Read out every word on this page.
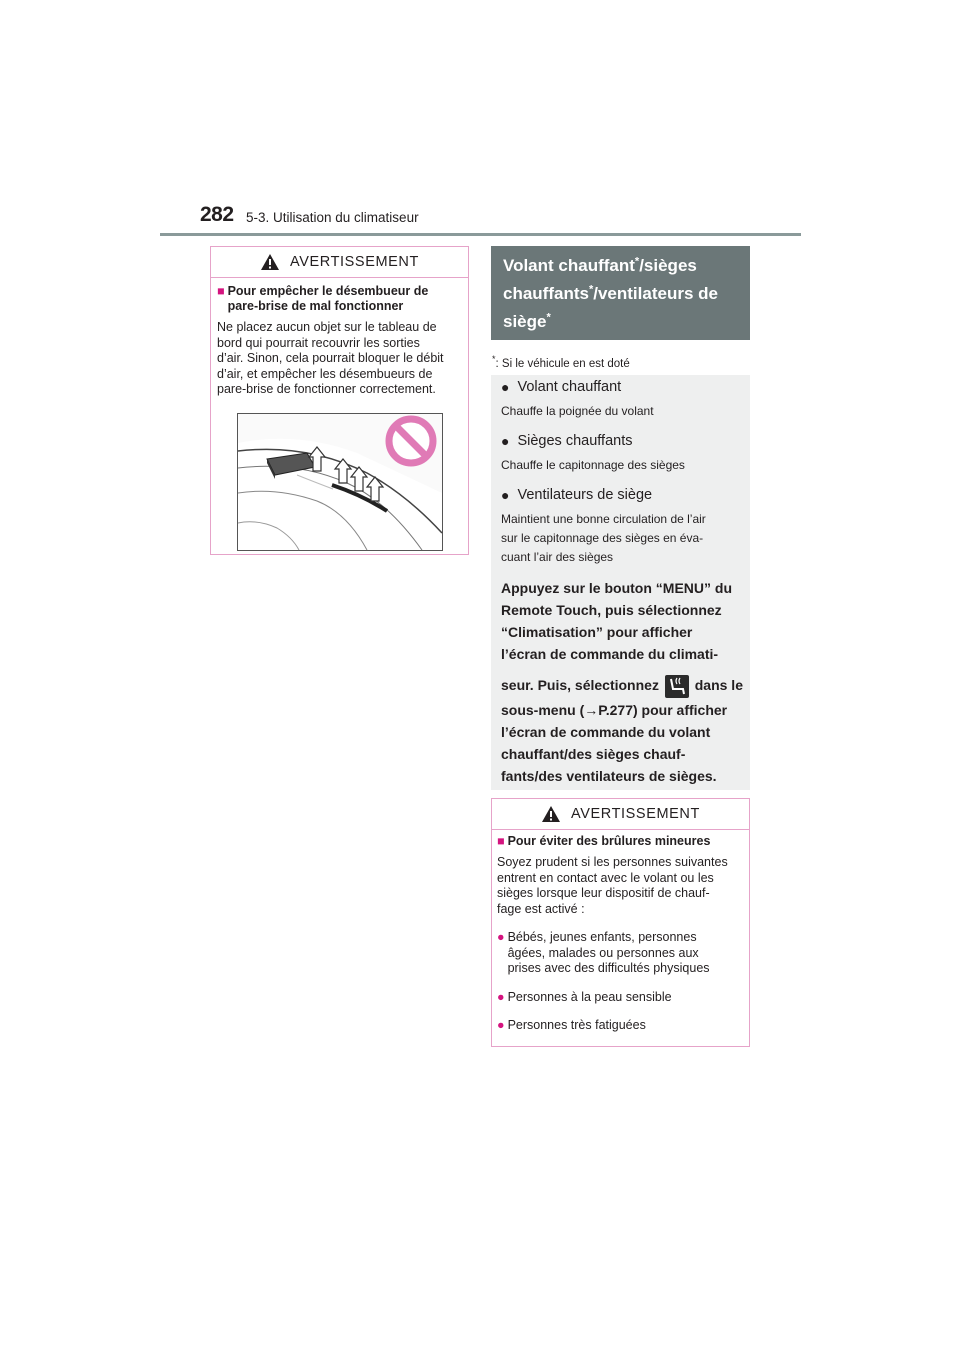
282 5-3. Utilisation du climatiseur
AVERTISSEMENT
■ Pour empêcher le désembueur de
pare-brise de mal fonctionner
Ne placez aucun objet sur le tableau de
bord qui pourrait recouvrir les sorties
d’air. Sinon, cela pourrait bloquer le débit
d’air, et empêcher les désembueurs de
pare-brise de fonctionner correctement.
Volant chauffant*/sièges
chauffants*/ventilateurs de
siège*
*: Si le véhicule en est doté
● Volant chauffant
Chauffe la poignée du volant
● Sièges chauffants
Chauffe le capitonnage des sièges
● Ventilateurs de siège
Maintient une bonne circulation de l’air
sur le capitonnage des sièges en éva-
cuant l’air des sièges
Appuyez sur le bouton “MENU” du
Remote Touch, puis sélectionnez
“Climatisation” pour afficher
l’écran de commande du climati-
seur. Puis, sélectionnez	dans le
sous-menu (→P.277) pour afficher
l’écran de commande du volant
chauffant/des sièges chauf-
fants/des ventilateurs de sièges.
AVERTISSEMENT
■ Pour éviter des brûlures mineures
Soyez prudent si les personnes suivantes
entrent en contact avec le volant ou les
sièges lorsque leur dispositif de chauf-
fage est activé :
● Bébés, jeunes enfants, personnes
âgées, malades ou personnes aux
prises avec des difficultés physiques
● Personnes à la peau sensible
● Personnes très fatiguées
